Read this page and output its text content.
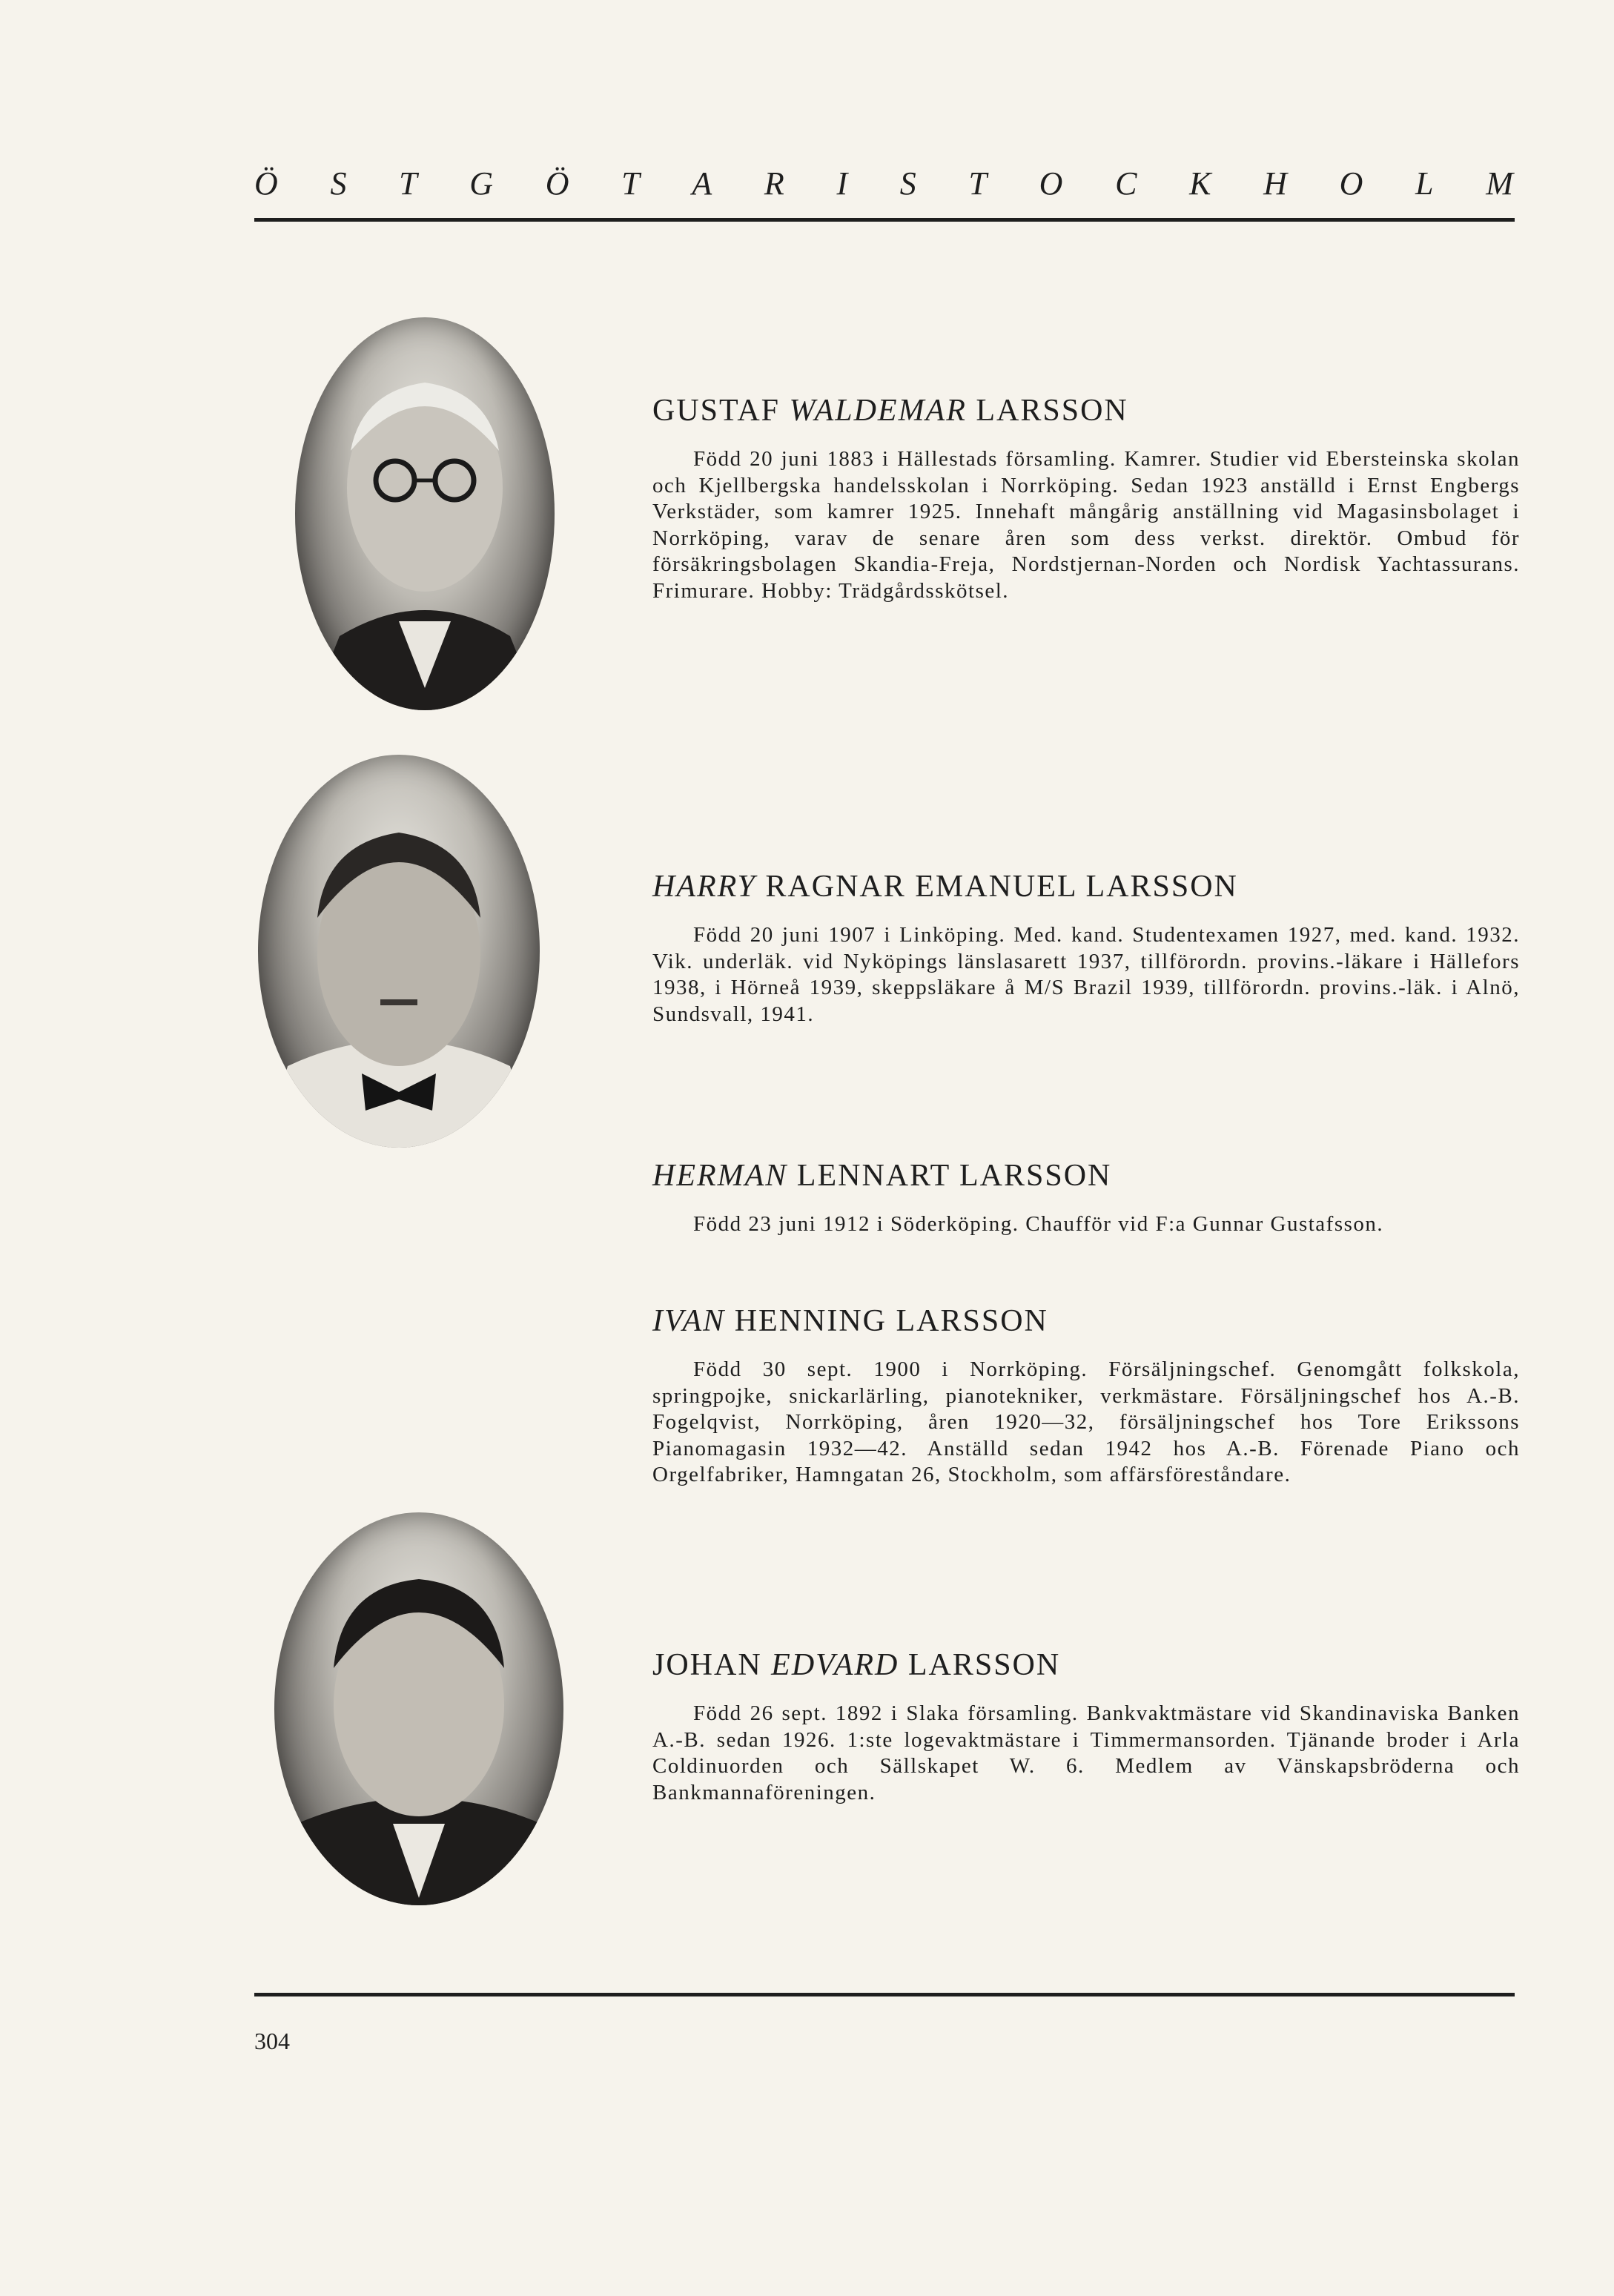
Ö S T G Ö T A R I S T O C K H O L M
GUSTAF WALDEMAR LARSSON

Född 20 juni 1883 i Hällestads församling. Kamrer. Studier vid Ebersteinska skolan och Kjellbergska handelsskolan i Norrköping. Sedan 1923 anställd i Ernst Engbergs Verkstäder, som kamrer 1925. Innehaft mångårig anställning vid Magasinsbolaget i Norrköping, varav de senare åren som dess verkst. direktör. Ombud för försäkringsbolagen Skandia-Freja, Nordstjernan-Norden och Nordisk Yachtassurans. Frimurare. Hobby: Trädgårdsskötsel.

HARRY RAGNAR EMANUEL LARSSON

Född 20 juni 1907 i Linköping. Med. kand. Studentexamen 1927, med. kand. 1932. Vik. underläk. vid Nyköpings länslasarett 1937, tillförordn. provins.-läkare i Hällefors 1938, i Hörneå 1939, skeppsläkare å M/S Brazil 1939, tillförordn. provins.-läk. i Alnö, Sundsvall, 1941.

HERMAN LENNART LARSSON

Född 23 juni 1912 i Söderköping. Chaufför vid F:a Gunnar Gustafsson.

IVAN HENNING LARSSON

Född 30 sept. 1900 i Norrköping. Försäljningschef. Genomgått folkskola, springpojke, snickarlärling, pianotekniker, verkmästare. Försäljningschef hos A.-B. Fogelqvist, Norrköping, åren 1920—32, försäljningschef hos Tore Erikssons Pianomagasin 1932—42. Anställd sedan 1942 hos A.-B. Förenade Piano och Orgelfabriker, Hamngatan 26, Stockholm, som affärsföreståndare.

JOHAN EDVARD LARSSON

Född 26 sept. 1892 i Slaka församling. Bankvaktmästare vid Skandinaviska Banken A.-B. sedan 1926. 1:ste logevaktmästare i Timmermansorden. Tjänande broder i Arla Coldinuorden och Sällskapet W. 6. Medlem av Vänskapsbröderna och Bankmannaföreningen.

304
